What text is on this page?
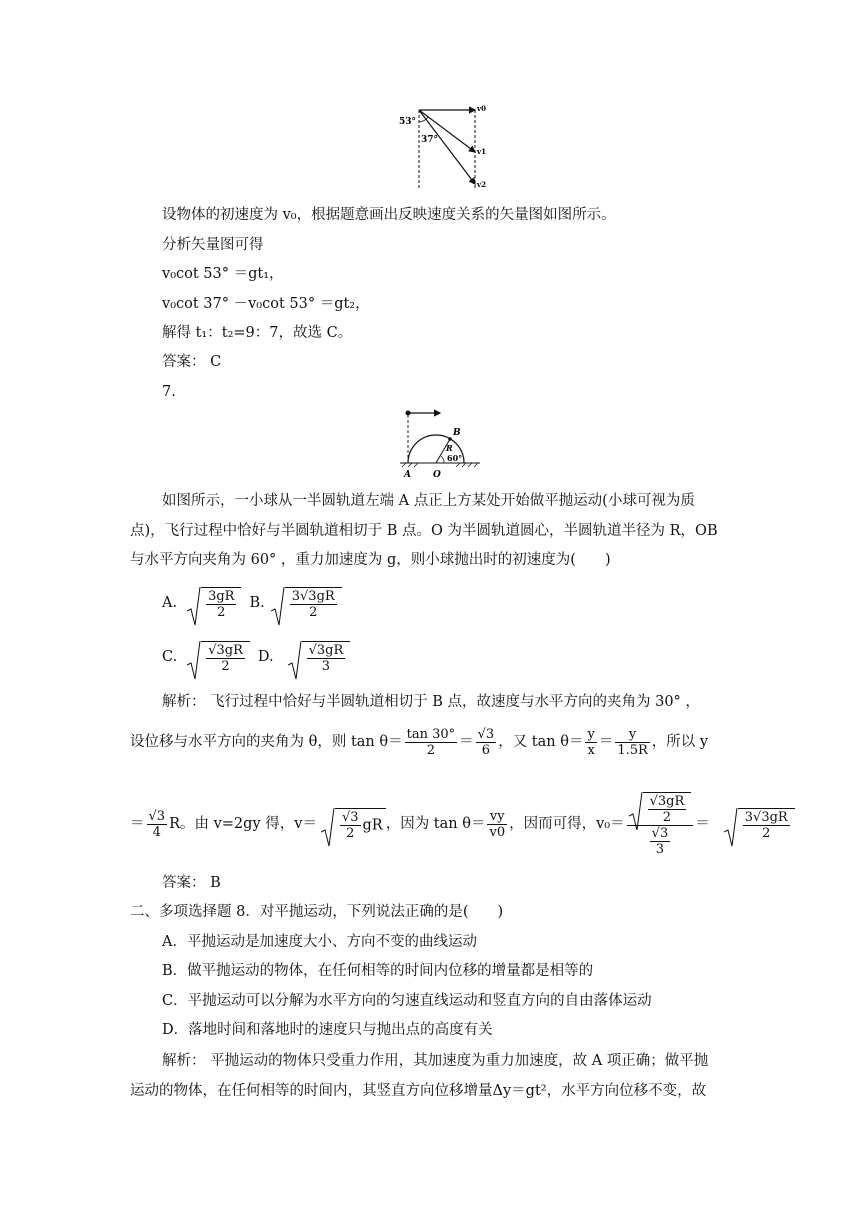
53°
37°
v0
v1
v2
设物体的初速度为 v₀，根据题意画出反映速度关系的矢量图如图所示。
分析矢量图可得
v₀cot 53° ＝gt₁，
v₀cot 37° －v₀cot 53° ＝gt₂，
解得 t₁：t₂=9：7，故选 C。
答案： C
7.
B
R
60°
A O
如图所示，一小球从一半圆轨道左端 A 点正上方某处开始做平抛运动(小球可视为质
点)，飞行过程中恰好与半圆轨道相切于 B 点。O 为半圆轨道圆心，半圆轨道半径为 R，OB
与水平方向夹角为 60° ，重力加速度为 g，则小球抛出时的初速度为(　　)
A. $\frac{3gR}{2} B$. $\frac{3√3gR}{2}$
C. $\frac{√3gR}{2} D$.	$\frac{√3gR}{3}$
解析： 飞行过程中恰好与半圆轨道相切于 B 点，故速度与水平方向的夹角为 30° ，
设位移与水平方向的夹角为 θ，则 $\tan \theta= \frac{\tan 30^\circ}{2} = \frac{√3}{6}$ ，又 $\tan \theta= \frac{y}{x} = \frac{y}{1.5R}$ ，所以 y
＝ $\frac{√3}{4}$ R。由 v =2gy 得，$v = \frac{√3}{2}$ gR ，因为 $\tan \theta= \frac{vy}{v0}$ ，因而可得，$v_0= \frac{\frac{√3gR}{2}}{\frac{√3}{3}}$ ＝	$\frac{3√3gR}{2}$
答案： B
二、多项选择题 8．对平抛运动，下列说法正确的是(　　)
A．平抛运动是加速度大小、方向不变的曲线运动
B．做平抛运动的物体，在任何相等的时间内位移的增量都是相等的
C．平抛运动可以分解为水平方向的匀速直线运动和竖直方向的自由落体运动
D．落地时间和落地时的速度只与抛出点的高度有关
解析： 平抛运动的物体只受重力作用，其加速度为重力加速度，故 A 项正确；做平抛
运动的物体，在任何相等的时间内，其竖直方向位移增量Δy＝gt²，水平方向位移不变，故
